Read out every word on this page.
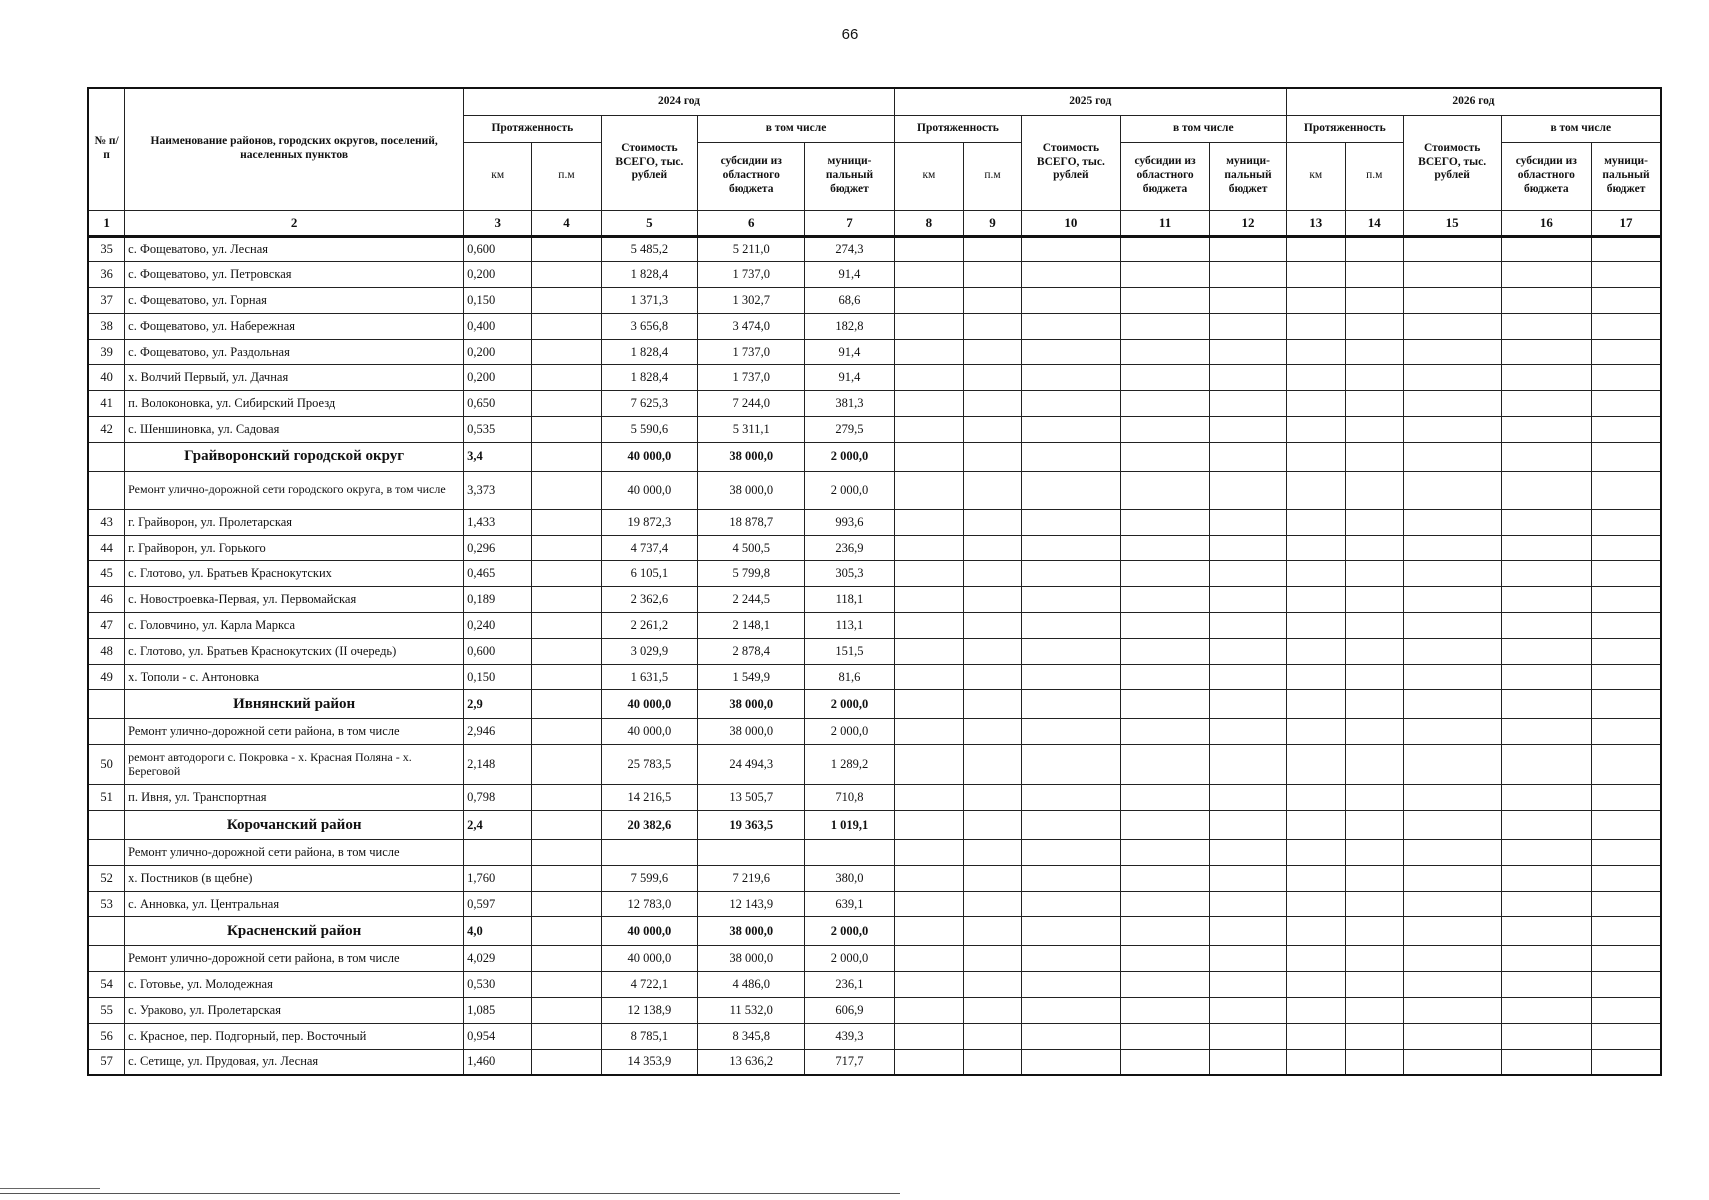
66
№ п/п	Наименование районов, городских округов, поселений, населенных пунктов	2024 год					2025 год					2026 год				
		Протяженность		Стоимость ВСЕГО, тыс. рублей	в том числе		Протяженность		Стоимость ВСЕГО, тыс. рублей	в том числе		Протяженность		Стоимость ВСЕГО, тыс. рублей	в том числе	
		км	п.м		субсидии из областного бюджета	муници- пальный бюджет	км	п.м		субсидии из областного бюджета	муници- пальный бюджет	км	п.м		субсидии из областного бюджета	муници- пальный бюджет
1	2	3	4	5	6	7	8	9	10	11	12	13	14	15	16	17
35	с. Фощеватово, ул. Лесная	0,600		5 485,2	5 211,0	274,3										
36	с. Фощеватово, ул. Петровская	0,200		1 828,4	1 737,0	91,4										
37	с. Фощеватово, ул. Горная	0,150		1 371,3	1 302,7	68,6										
38	с. Фощеватово, ул. Набережная	0,400		3 656,8	3 474,0	182,8										
39	с. Фощеватово, ул. Раздольная	0,200		1 828,4	1 737,0	91,4										
40	х. Волчий Первый, ул. Дачная	0,200		1 828,4	1 737,0	91,4										
41	п. Волоконовка, ул. Сибирский Проезд	0,650		7 625,3	7 244,0	381,3										
42	с. Шеншиновка, ул. Садовая	0,535		5 590,6	5 311,1	279,5										
	Грайворонский городской округ	3,4		40 000,0	38 000,0	2 000,0										
	Ремонт улично-дорожной сети городского округа, в том числе	3,373		40 000,0	38 000,0	2 000,0										
43	г. Грайворон, ул. Пролетарская	1,433		19 872,3	18 878,7	993,6										
44	г. Грайворон, ул. Горького	0,296		4 737,4	4 500,5	236,9										
45	с. Глотово, ул. Братьев Краснокутских	0,465		6 105,1	5 799,8	305,3										
46	с. Новостроевка-Первая, ул. Первомайская	0,189		2 362,6	2 244,5	118,1										
47	с. Головчино, ул. Карла Маркса	0,240		2 261,2	2 148,1	113,1										
48	с. Глотово, ул. Братьев Краснокутских (II очередь)	0,600		3 029,9	2 878,4	151,5										
49	х. Тополи - с. Антоновка	0,150		1 631,5	1 549,9	81,6										
	Ивнянский район	2,9		40 000,0	38 000,0	2 000,0										
	Ремонт улично-дорожной сети района, в том числе	2,946		40 000,0	38 000,0	2 000,0										
50	ремонт автодороги с. Покровка - х. Красная Поляна - х. Береговой	2,148		25 783,5	24 494,3	1 289,2										
51	п. Ивня, ул. Транспортная	0,798		14 216,5	13 505,7	710,8										
	Корочанский район	2,4		20 382,6	19 363,5	1 019,1										
	Ремонт улично-дорожной сети района, в том числе															
52	х. Постников (в щебне)	1,760		7 599,6	7 219,6	380,0										
53	с. Анновка, ул. Центральная	0,597		12 783,0	12 143,9	639,1										
	Красненский район	4,0		40 000,0	38 000,0	2 000,0										
	Ремонт улично-дорожной сети района, в том числе	4,029		40 000,0	38 000,0	2 000,0										
54	с. Готовье, ул. Молодежная	0,530		4 722,1	4 486,0	236,1										
55	с. Ураково, ул. Пролетарская	1,085		12 138,9	11 532,0	606,9										
56	с. Красное, пер. Подгорный, пер. Восточный	0,954		8 785,1	8 345,8	439,3										
57	с. Сетище, ул. Прудовая, ул. Лесная	1,460		14 353,9	13 636,2	717,7										
